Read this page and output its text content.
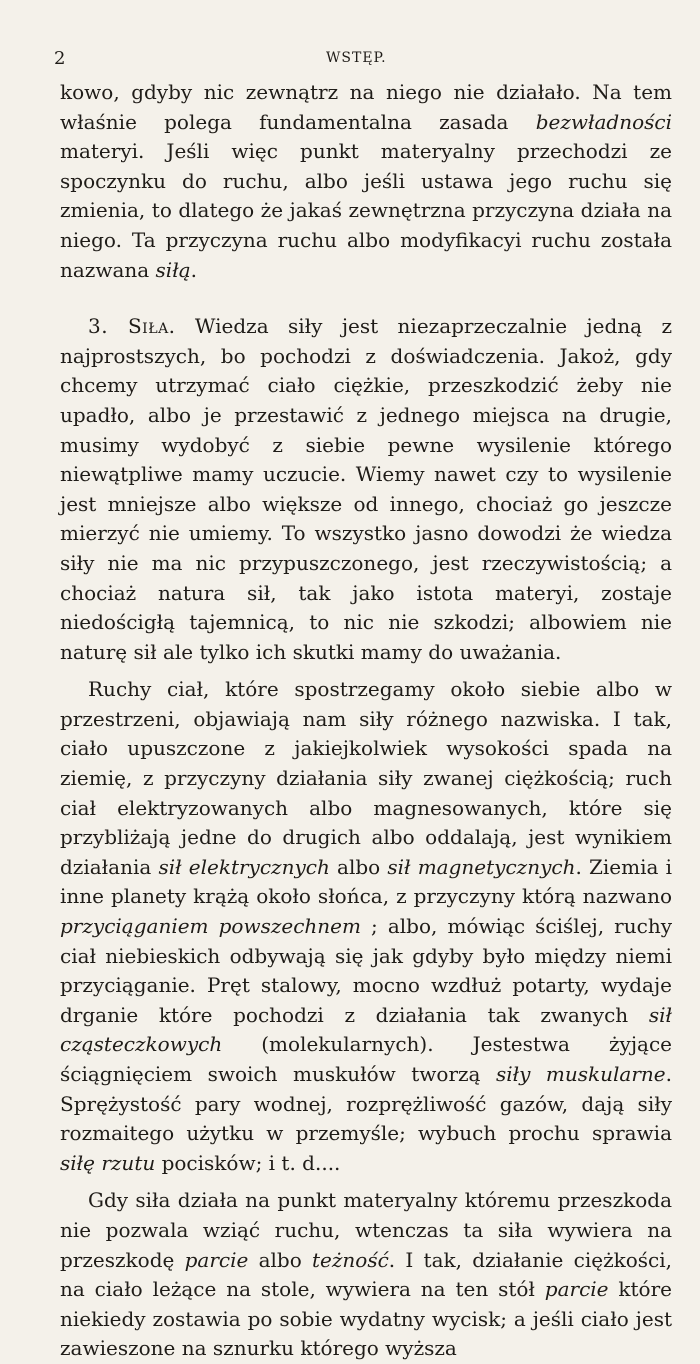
2	WSTĘP.

kowo, gdyby nic zewnątrz na niego nie działało. Na tem właśnie polega fundamentalna zasada bezwładności materyi. Jeśli więc punkt materyalny przechodzi ze spoczynku do ruchu, albo jeśli ustawa jego ruchu się zmienia, to dlatego że jakaś zewnętrzna przyczyna działa na niego. Ta przyczyna ruchu albo modyfikacyi ruchu została nazwana siłą.

3. Siła. Wiedza siły jest niezaprzeczalnie jedną z najprostszych, bo pochodzi z doświadczenia. Jakoż, gdy chcemy utrzymać ciało ciężkie, przeszkodzić żeby nie upadło, albo je przestawić z jednego miejsca na drugie, musimy wydobyć z siebie pewne wysilenie którego niewątpliwe mamy uczucie. Wiemy nawet czy to wysilenie jest mniejsze albo większe od innego, chociaż go jeszcze mierzyć nie umiemy. To wszystko jasno dowodzi że wiedza siły nie ma nic przypuszczonego, jest rzeczywistością; a chociaż natura sił, tak jako istota materyi, zostaje niedościgłą tajemnicą, to nic nie szkodzi; albowiem nie naturę sił ale tylko ich skutki mamy do uważania.

Ruchy ciał, które spostrzegamy około siebie albo w przestrzeni, objawiają nam siły różnego nazwiska. I tak, ciało upuszczone z jakiejkolwiek wysokości spada na ziemię, z przyczyny działania siły zwanej ciężkością; ruch ciał elektryzowanych albo magnesowanych, które się przybliżają jedne do drugich albo oddalają, jest wynikiem działania sił elektrycznych albo sił magnetycznych. Ziemia i inne planety krążą około słońca, z przyczyny którą nazwano przyciąganiem powszechnem ; albo, mówiąc ściślej, ruchy ciał niebieskich odbywają się jak gdyby było między niemi przyciąganie. Pręt stalowy, mocno wzdłuż potarty, wydaje drganie które pochodzi z działania tak zwanych sił cząsteczkowych (molekularnych). Jestestwa żyjące ściągnięciem swoich muskułów tworzą siły muskularne. Sprężystość pary wodnej, rozprężliwość gazów, dają siły rozmaitego użytku w przemyśle; wybuch prochu sprawia siłę rzutu pocisków; i t. d....

Gdy siła działa na punkt materyalny któremu przeszkoda nie pozwala wziąć ruchu, wtenczas ta siła wywiera na przeszkodę parcie albo teżność. I tak, działanie ciężkości, na ciało leżące na stole, wywiera na ten stół parcie które niekiedy zostawia po sobie wydatny wycisk; a jeśli ciało jest zawieszone na sznurku którego wyższa
